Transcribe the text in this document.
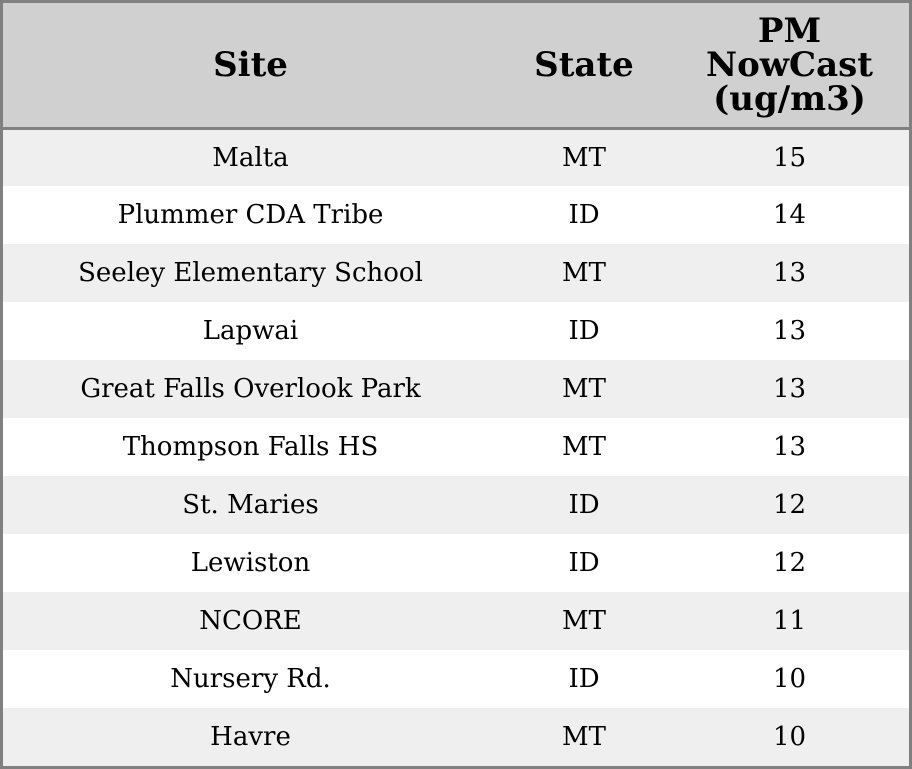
Site	State	PM NowCast (ug/m3)
Malta	MT	15
Plummer CDA Tribe	ID	14
Seeley Elementary School	MT	13
Lapwai	ID	13
Great Falls Overlook Park	MT	13
Thompson Falls HS	MT	13
St. Maries	ID	12
Lewiston	ID	12
NCORE	MT	11
Nursery Rd.	ID	10
Havre	MT	10
